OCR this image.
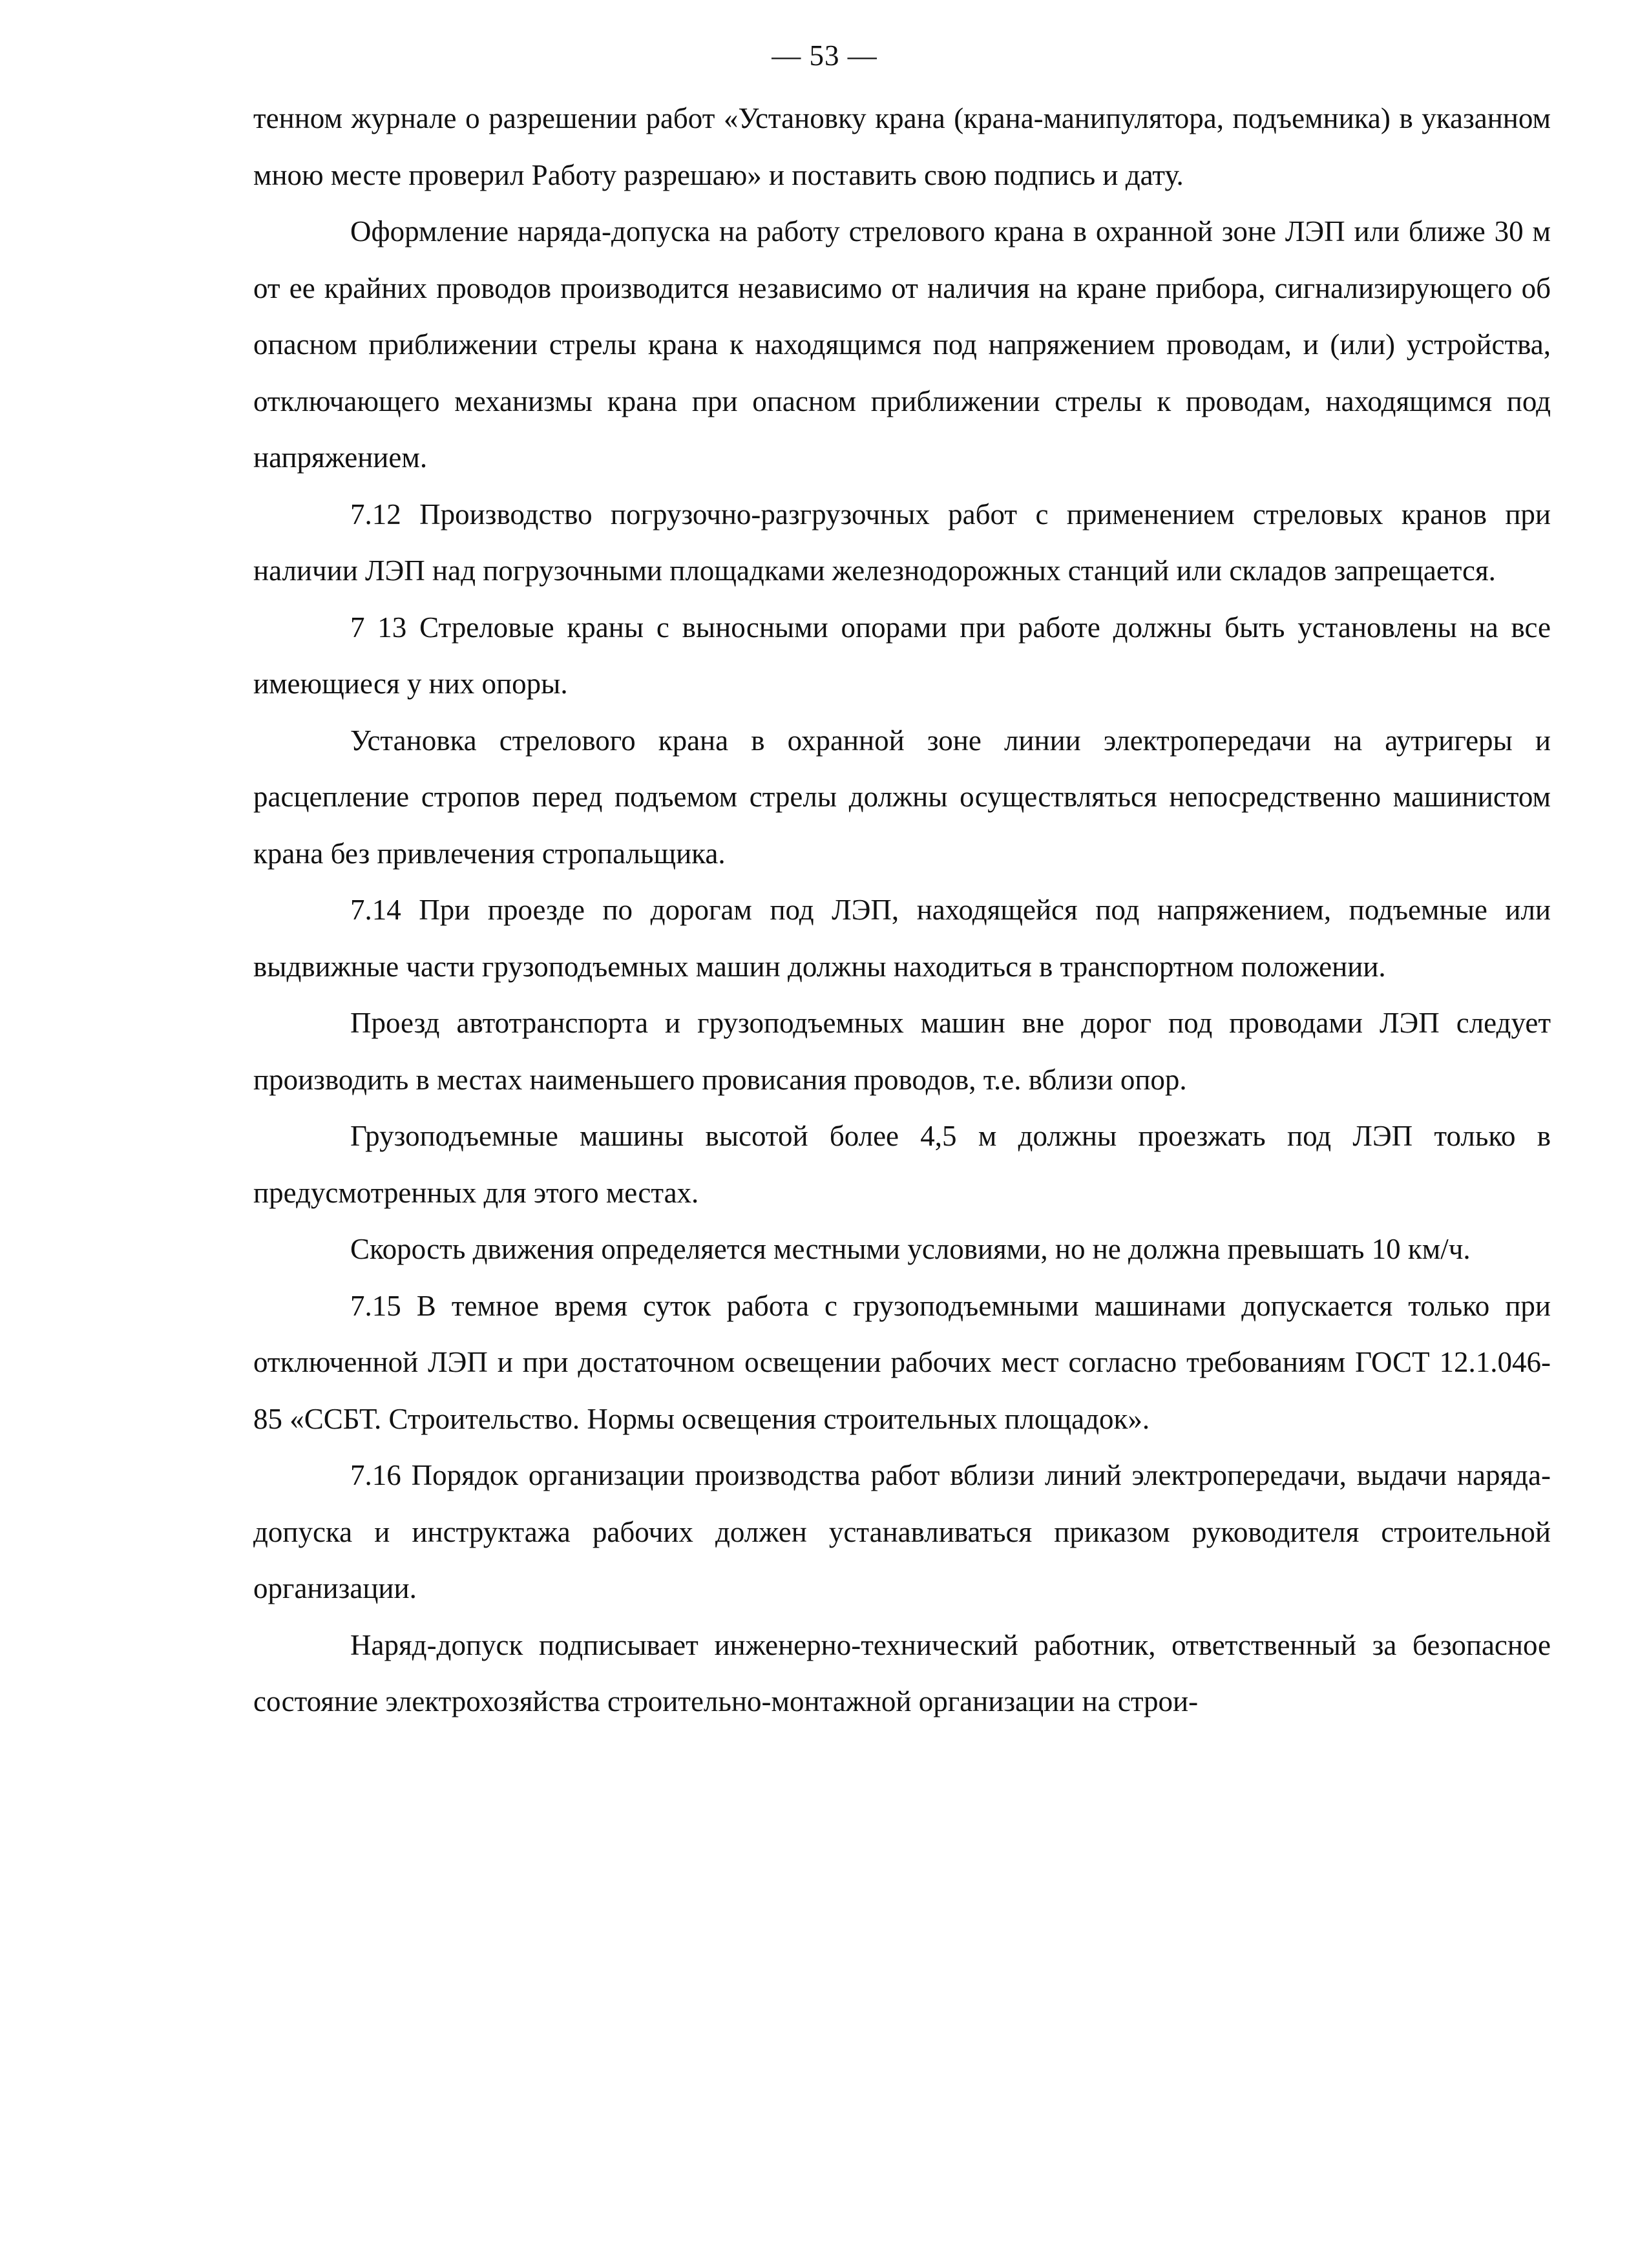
— 53 —

тенном журнале о разрешении работ «Установку крана (крана-манипулятора, подъемника) в указанном мною месте проверил Работу разрешаю» и поставить свою подпись и дату.

Оформление наряда-допуска на работу стрелового крана в охранной зоне ЛЭП или ближе 30 м от ее крайних проводов производится независимо от наличия на кране прибора, сигнализирующего об опасном приближении стрелы крана к находящимся под напряжением проводам, и (или) устройства, отключающего механизмы крана при опасном приближении стрелы к проводам, находящимся под напряжением.

7.12 Производство погрузочно-разгрузочных работ с применением стреловых кранов при наличии ЛЭП над погрузочными площадками железнодорожных станций или складов запрещается.

7 13 Стреловые краны с выносными опорами при работе должны быть установлены на все имеющиеся у них опоры.

Установка стрелового крана в охранной зоне линии электропередачи на аутригеры и расцепление стропов перед подъемом стрелы должны осуществляться непосредственно машинистом крана без привлечения стропальщика.

7.14 При проезде по дорогам под ЛЭП, находящейся под напряжением, подъемные или выдвижные части грузоподъемных машин должны находиться в транспортном положении.

Проезд автотранспорта и грузоподъемных машин вне дорог под проводами ЛЭП следует производить в местах наименьшего провисания проводов, т.е. вблизи опор.

Грузоподъемные машины высотой более 4,5 м должны проезжать под ЛЭП только в предусмотренных для этого местах.

Скорость движения определяется местными условиями, но не должна превышать 10 км/ч.

7.15 В темное время суток работа с грузоподъемными машинами допускается только при отключенной ЛЭП и при достаточном освещении рабочих мест согласно требованиям ГОСТ 12.1.046-85 «ССБТ. Строительство. Нормы освещения строительных площадок».

7.16 Порядок организации производства работ вблизи линий электропередачи, выдачи наряда-допуска и инструктажа рабочих должен устанавливаться приказом руководителя строительной организации.

Наряд-допуск подписывает инженерно-технический работник, ответственный за безопасное состояние электрохозяйства строительно-монтажной организации на строи-
